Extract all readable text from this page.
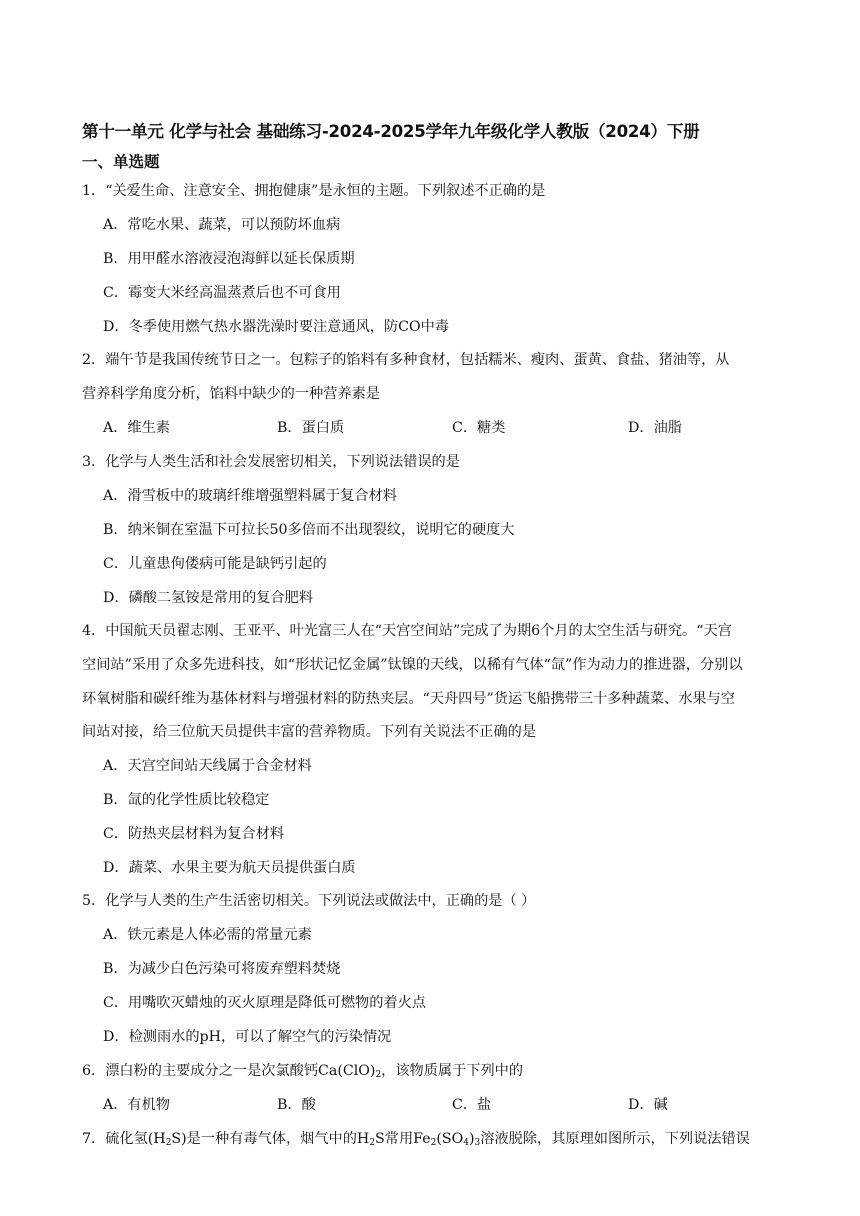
第十一单元 化学与社会 基础练习-2024-2025学年九年级化学人教版（2024）下册
一、单选题
1．“关爱生命、注意安全、拥抱健康”是永恒的主题。下列叙述不正确的是
A．常吃水果、蔬菜，可以预防坏血病
B．用甲醛水溶液浸泡海鲜以延长保质期
C．霉变大米经高温蒸煮后也不可食用
D．冬季使用燃气热水器洗澡时要注意通风，防CO中毒
2．端午节是我国传统节日之一。包粽子的馅料有多种食材，包括糯米、瘦肉、蛋黄、食盐、猪油等，从
营养科学角度分析，馅料中缺少的一种营养素是
A．维生素	B．蛋白质	C．糖类	D．油脂
3．化学与人类生活和社会发展密切相关，下列说法错误的是
A．滑雪板中的玻璃纤维增强塑料属于复合材料
B．纳米铜在室温下可拉长50多倍而不出现裂纹，说明它的硬度大
C．儿童患佝偻病可能是缺钙引起的
D．磷酸二氢铵是常用的复合肥料
4．中国航天员翟志刚、王亚平、叶光富三人在“天宫空间站”完成了为期6个月的太空生活与研究。“天宫
空间站”采用了众多先进科技，如“形状记忆金属”钛镍的天线，以稀有气体“氙”作为动力的推进器，分别以
环氧树脂和碳纤维为基体材料与增强材料的防热夹层。“天舟四号”货运飞船携带三十多种蔬菜、水果与空
间站对接，给三位航天员提供丰富的营养物质。下列有关说法不正确的是
A．天宫空间站天线属于合金材料
B．氙的化学性质比较稳定
C．防热夹层材料为复合材料
D．蔬菜、水果主要为航天员提供蛋白质
5．化学与人类的生产生活密切相关。下列说法或做法中，正确的是（ ）
A．铁元素是人体必需的常量元素
B．为减少白色污染可将废弃塑料焚烧
C．用嘴吹灭蜡烛的灭火原理是降低可燃物的着火点
D．检测雨水的pH，可以了解空气的污染情况
6．漂白粉的主要成分之一是次氯酸钙$Ca(ClO)_2$，该物质属于下列中的
A．有机物	B．酸	C．盐	D．碱
7．硫化氢$(H_2S)$是一种有毒气体，烟气中的$H_2S$常用$Fe_2(SO_4)_3$溶液脱除，其原理如图所示，下列说法错误
